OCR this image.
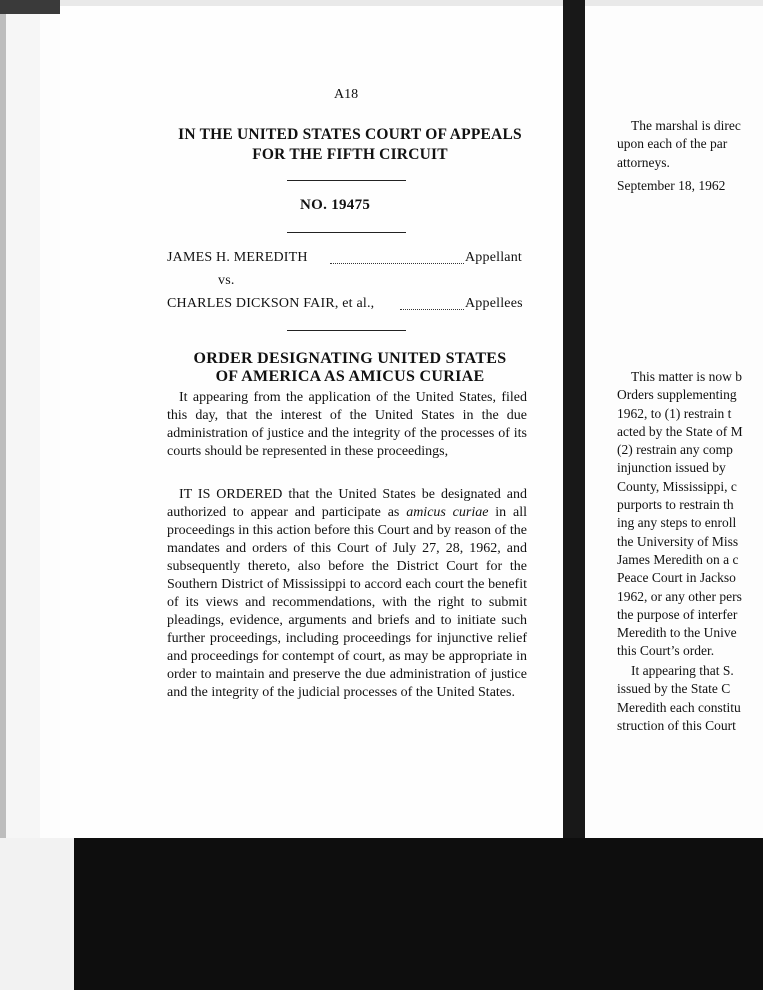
A18
IN THE UNITED STATES COURT OF APPEALS
FOR THE FIFTH CIRCUIT
NO. 19475
JAMES H. MEREDITH	Appellant
vs.
CHARLES DICKSON FAIR, et al.,	Appellees
ORDER DESIGNATING UNITED STATES
OF AMERICA AS AMICUS CURIAE

It appearing from the application of the United States, filed this day, that the interest of the United States in the due administration of justice and the integrity of the processes of its courts should be represented in these proceedings,

IT IS ORDERED that the United States be designated and authorized to appear and participate as amicus curiae in all proceedings in this action before this Court and by reason of the mandates and orders of this Court of July 27, 28, 1962, and subsequently thereto, also before the District Court for the Southern District of Mississippi to accord each court the benefit of its views and recommendations, with the right to submit pleadings, evidence, arguments and briefs and to initiate such further proceedings, including proceedings for injunctive relief and proceedings for contempt of court, as may be appropriate in order to maintain and preserve the due administration of justice and the integrity of the judicial processes of the United States.

The marshal is direc
upon each of the par
attorneys.
September 18, 1962
This matter is now b
Orders supplementing
1962, to (1) restrain t
acted by the State of M
(2) restrain any comp
injunction issued by
County, Mississippi, c
purports to restrain th
ing any steps to enroll
the University of Miss
James Meredith on a c
Peace Court in Jackso
1962, or any other pers
the purpose of interfer
Meredith to the Unive
this Court’s order.
It appearing that S.
issued by the State C
Meredith each constitu
struction of this Court
